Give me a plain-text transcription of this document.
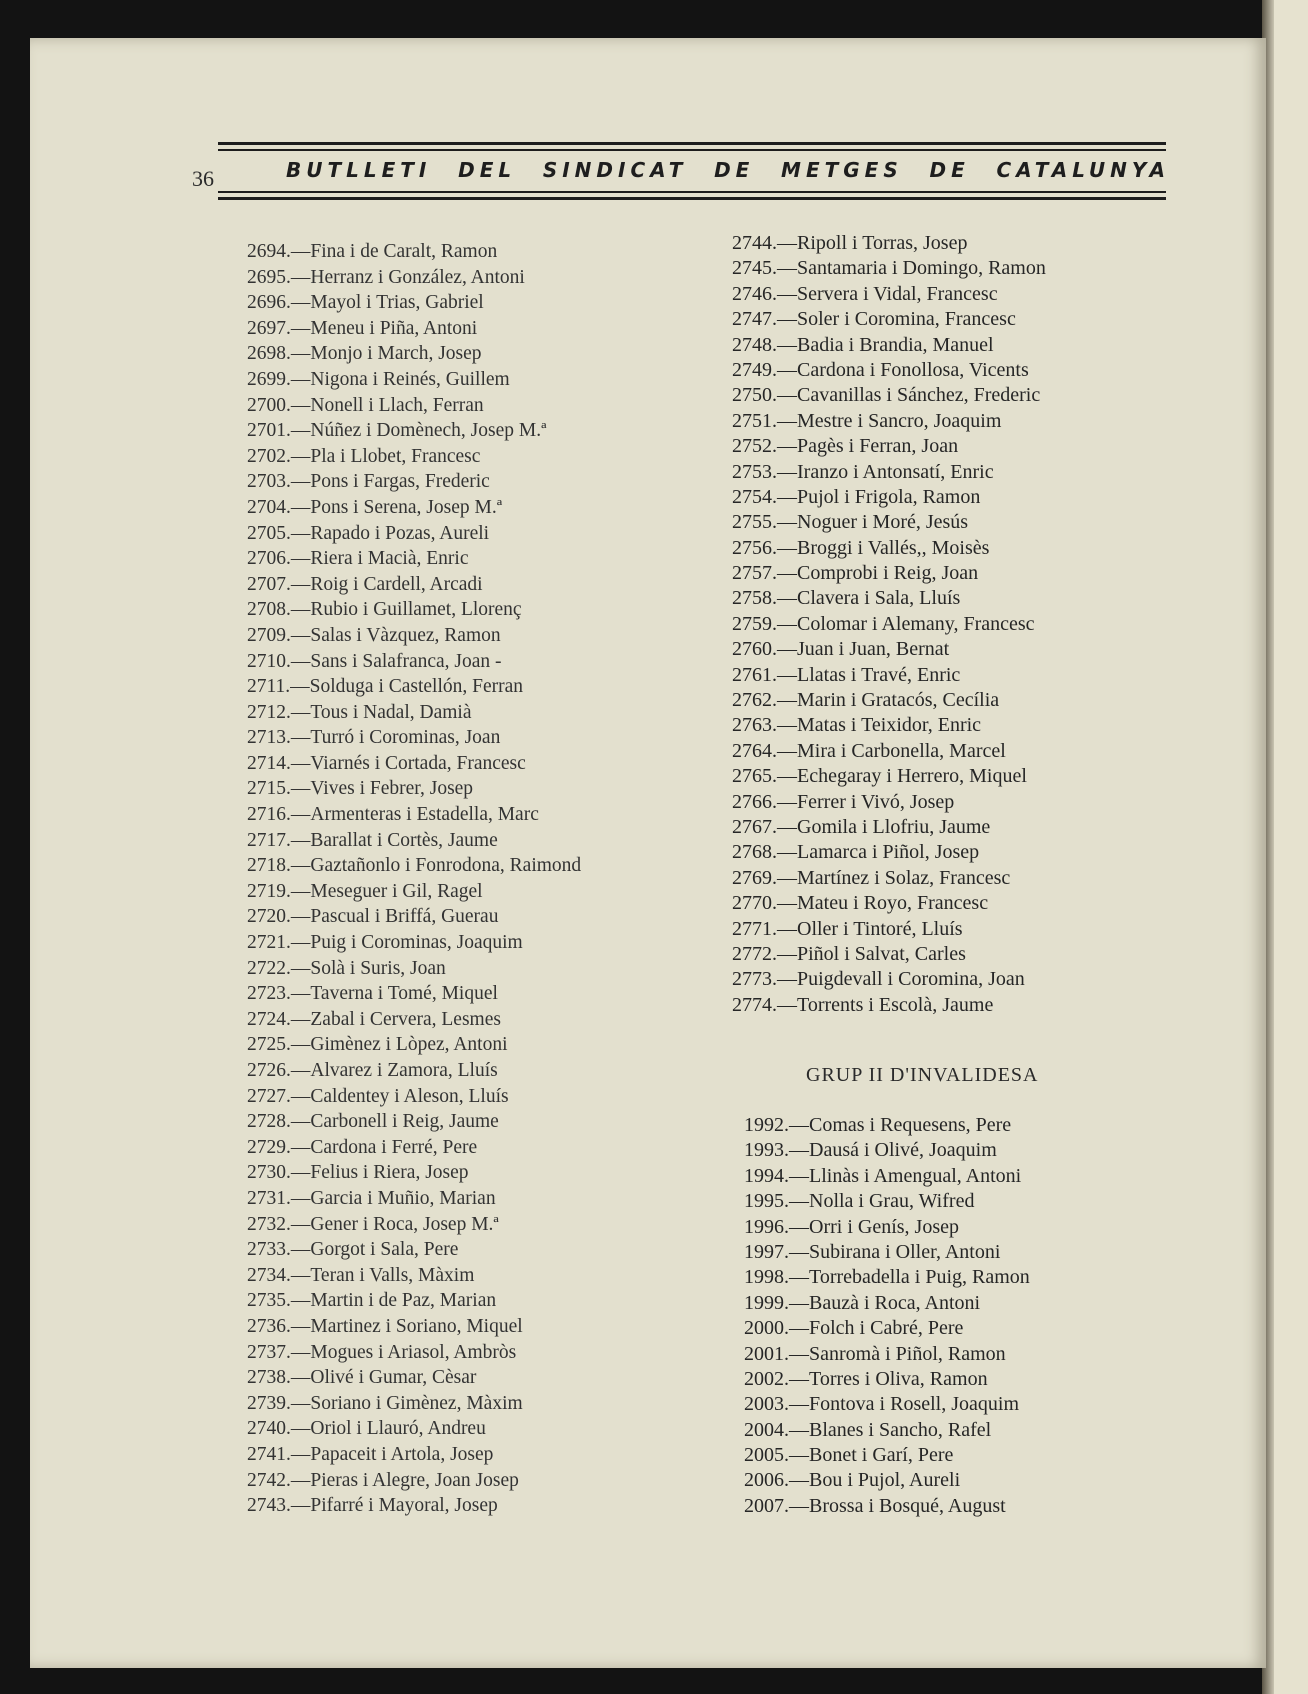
36	BUTLLETI DEL SINDICAT DE METGES DE CATALUNYA
2694.—Fina i de Caralt, Ramon
2695.—Herranz i González, Antoni
2696.—Mayol i Trias, Gabriel
2697.—Meneu i Piña, Antoni
2698.—Monjo i March, Josep
2699.—Nigona i Reinés, Guillem
2700.—Nonell i Llach, Ferran
2701.—Núñez i Domènech, Josep M.ª
2702.—Pla i Llobet, Francesc
2703.—Pons i Fargas, Frederic
2704.—Pons i Serena, Josep M.ª
2705.—Rapado i Pozas, Aureli
2706.—Riera i Macià, Enric
2707.—Roig i Cardell, Arcadi
2708.—Rubio i Guillamet, Llorenç
2709.—Salas i Vàzquez, Ramon
2710.—Sans i Salafranca, Joan -
2711.—Solduga i Castellón, Ferran
2712.—Tous i Nadal, Damià
2713.—Turró i Corominas, Joan
2714.—Viarnés i Cortada, Francesc
2715.—Vives i Febrer, Josep
2716.—Armenteras i Estadella, Marc
2717.—Barallat i Cortès, Jaume
2718.—Gaztañonlo i Fonrodona, Raimond
2719.—Meseguer i Gil, Ragel
2720.—Pascual i Briffá, Guerau
2721.—Puig i Corominas, Joaquim
2722.—Solà i Suris, Joan
2723.—Taverna i Tomé, Miquel
2724.—Zabal i Cervera, Lesmes
2725.—Gimènez i Lòpez, Antoni
2726.—Alvarez i Zamora, Lluís
2727.—Caldentey i Aleson, Lluís
2728.—Carbonell i Reig, Jaume
2729.—Cardona i Ferré, Pere
2730.—Felius i Riera, Josep
2731.—Garcia i Muñio, Marian
2732.—Gener i Roca, Josep M.ª
2733.—Gorgot i Sala, Pere
2734.—Teran i Valls, Màxim
2735.—Martin i de Paz, Marian
2736.—Martinez i Soriano, Miquel
2737.—Mogues i Ariasol, Ambròs
2738.—Olivé i Gumar, Cèsar
2739.—Soriano i Gimènez, Màxim
2740.—Oriol i Llauró, Andreu
2741.—Papaceit i Artola, Josep
2742.—Pieras i Alegre, Joan Josep
2743.—Pifarré i Mayoral, Josep
2744.—Ripoll i Torras, Josep
2745.—Santamaria i Domingo, Ramon
2746.—Servera i Vidal, Francesc
2747.—Soler i Coromina, Francesc
2748.—Badia i Brandia, Manuel
2749.—Cardona i Fonollosa, Vicents
2750.—Cavanillas i Sánchez, Frederic
2751.—Mestre i Sancro, Joaquim
2752.—Pagès i Ferran, Joan
2753.—Iranzo i Antonsatí, Enric
2754.—Pujol i Frigola, Ramon
2755.—Noguer i Moré, Jesús
2756.—Broggi i Vallés,, Moisès
2757.—Comprobi i Reig, Joan
2758.—Clavera i Sala, Lluís
2759.—Colomar i Alemany, Francesc
2760.—Juan i Juan, Bernat
2761.—Llatas i Travé, Enric
2762.—Marin i Gratacós, Cecília
2763.—Matas i Teixidor, Enric
2764.—Mira i Carbonella, Marcel
2765.—Echegaray i Herrero, Miquel
2766.—Ferrer i Vivó, Josep
2767.—Gomila i Llofriu, Jaume
2768.—Lamarca i Piñol, Josep
2769.—Martínez i Solaz, Francesc
2770.—Mateu i Royo, Francesc
2771.—Oller i Tintoré, Lluís
2772.—Piñol i Salvat, Carles
2773.—Puigdevall i Coromina, Joan
2774.—Torrents i Escolà, Jaume
GRUP II D'INVALIDESA
1992.—Comas i Requesens, Pere
1993.—Dausá i Olivé, Joaquim
1994.—Llinàs i Amengual, Antoni
1995.—Nolla i Grau, Wifred
1996.—Orri i Genís, Josep
1997.—Subirana i Oller, Antoni
1998.—Torrebadella i Puig, Ramon
1999.—Bauzà i Roca, Antoni
2000.—Folch i Cabré, Pere
2001.—Sanromà i Piñol, Ramon
2002.—Torres i Oliva, Ramon
2003.—Fontova i Rosell, Joaquim
2004.—Blanes i Sancho, Rafel
2005.—Bonet i Garí, Pere
2006.—Bou i Pujol, Aureli
2007.—Brossa i Bosqué, August
